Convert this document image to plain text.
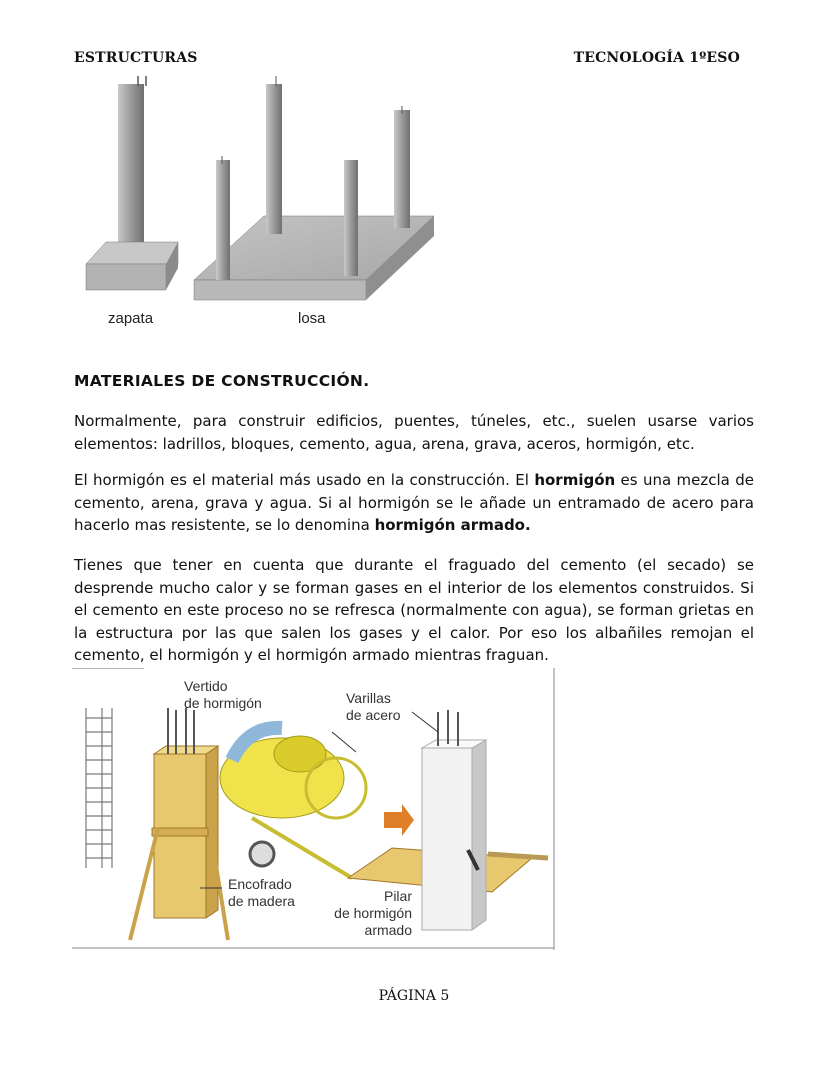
ESTRUCTURAS	TECNOLOGÍA 1ºESO
zapata	losa
MATERIALES DE CONSTRUCCIÓN.

Normalmente, para construir edificios, puentes, túneles, etc., suelen usarse varios elementos: ladrillos, bloques, cemento, agua, arena, grava, aceros, hormigón, etc.

El hormigón es el material más usado en la construcción. El hormigón es una mezcla de cemento, arena, grava y agua. Si al hormigón se le añade un entramado de acero para hacerlo mas resistente, se lo denomina hormigón armado.

Tienes que tener en cuenta que durante el fraguado del cemento (el secado) se desprende mucho calor y se forman gases en el interior de los elementos construidos. Si el cemento en este proceso no se refresca (normalmente con agua), se forman grietas en la estructura por las que salen los gases y el calor. Por eso los albañiles remojan el cemento, el hormigón y el hormigón armado mientras fraguan.

Vertido
de hormigón	Varillas
de acero
Encofrado
de madera	Pilar
de hormigón
armado
PÁGINA 5
